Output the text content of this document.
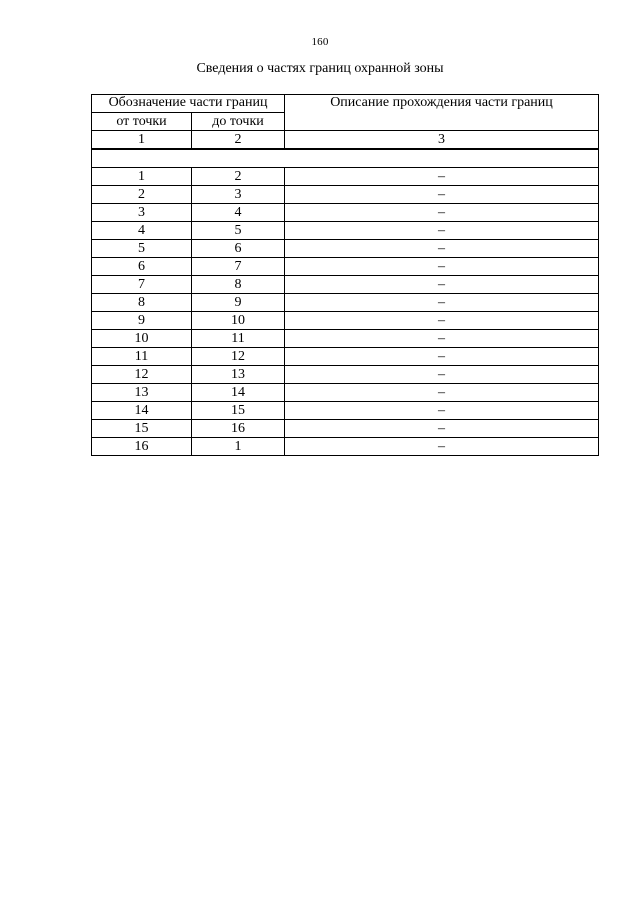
160
Сведения о частях границ охранной зоны
Обозначение части границ		Описание прохождения части границ
от точки	до точки	
1	2	3

1	2	–
2	3	–
3	4	–
4	5	–
5	6	–
6	7	–
7	8	–
8	9	–
9	10	–
10	11	–
11	12	–
12	13	–
13	14	–
14	15	–
15	16	–
16	1	–
